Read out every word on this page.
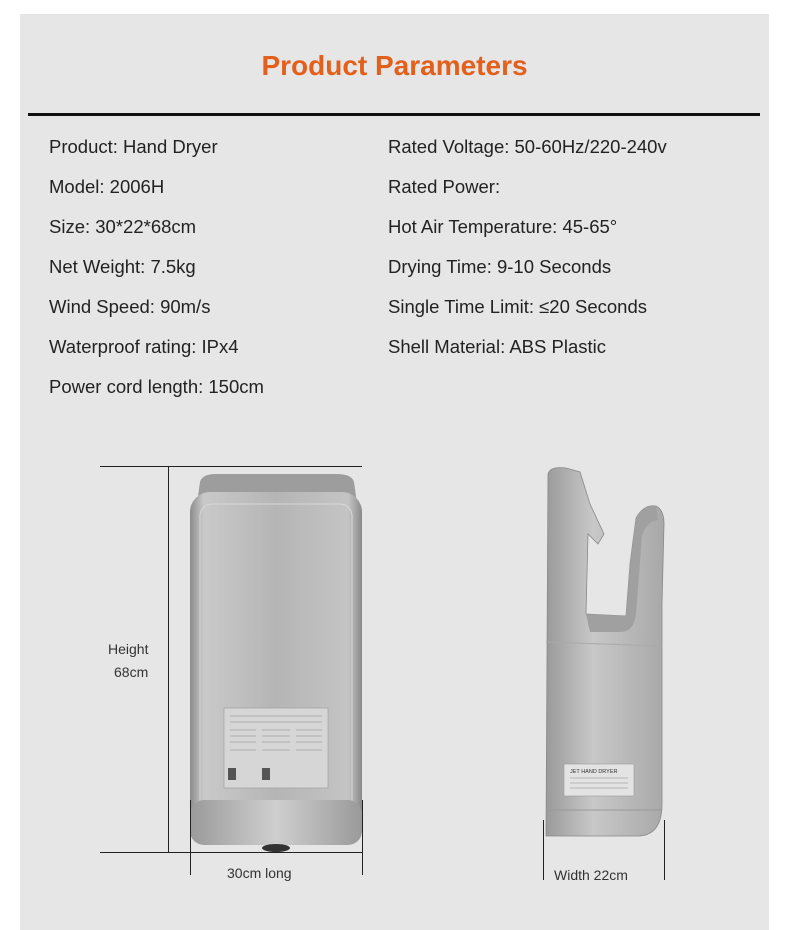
Product Parameters
Product: Hand Dryer
Model: 2006H
Size: 30*22*68cm
Net Weight: 7.5kg
Wind Speed: 90m/s
Waterproof rating: IPx4
Power cord length: 150cm
Rated Voltage: 50-60Hz/220-240v
Rated Power:
Hot Air Temperature: 45-65°
Drying Time: 9-10 Seconds
Single Time Limit: ≤20 Seconds
Shell Material: ABS Plastic
JET HAND DRYER
Height
68cm
30cm long	Width 22cm
